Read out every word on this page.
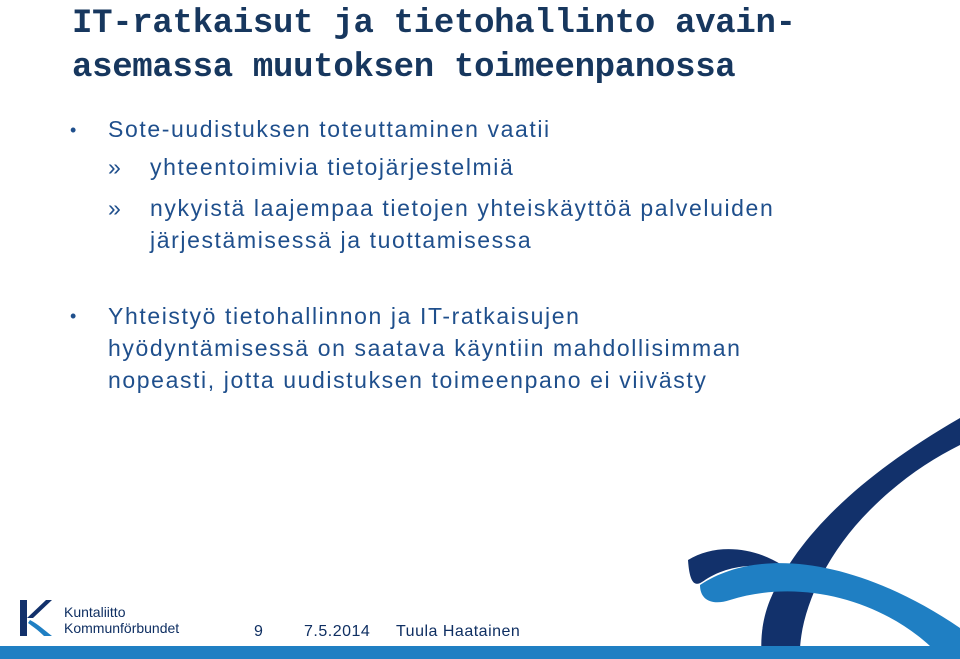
IT-ratkaisut ja tietohallinto avain-
asemassa muutoksen toimeenpanossa
• Sote-uudistuksen toteuttaminen vaatii
» yhteentoimivia tietojärjestelmiä
» nykyistä laajempaa tietojen yhteiskäyttöä palveluiden
järjestämisessä ja tuottamisessa
• Yhteistyö tietohallinnon ja IT-ratkaisujen
hyödyntämisessä on saatava käyntiin mahdollisimman
nopeasti, jotta uudistuksen toimeenpano ei viivästy
Kuntaliitto
Kommunförbundet	9	7.5.2014 Tuula Haatainen
